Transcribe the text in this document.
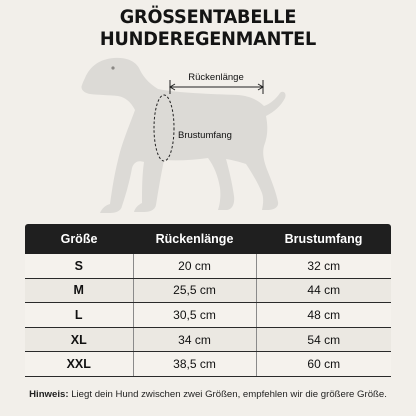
GRÖSSENTABELLE HUNDEREGENMANTEL
Rückenlänge
Brustumfang
Größe	Rückenlänge	Brustumfang
S	20 cm	32 cm
M	25,5 cm	44 cm
L	30,5 cm	48 cm
XL	34 cm	54 cm
XXL	38,5 cm	60 cm
Hinweis: Liegt dein Hund zwischen zwei Größen, empfehlen wir die größere Größe.
